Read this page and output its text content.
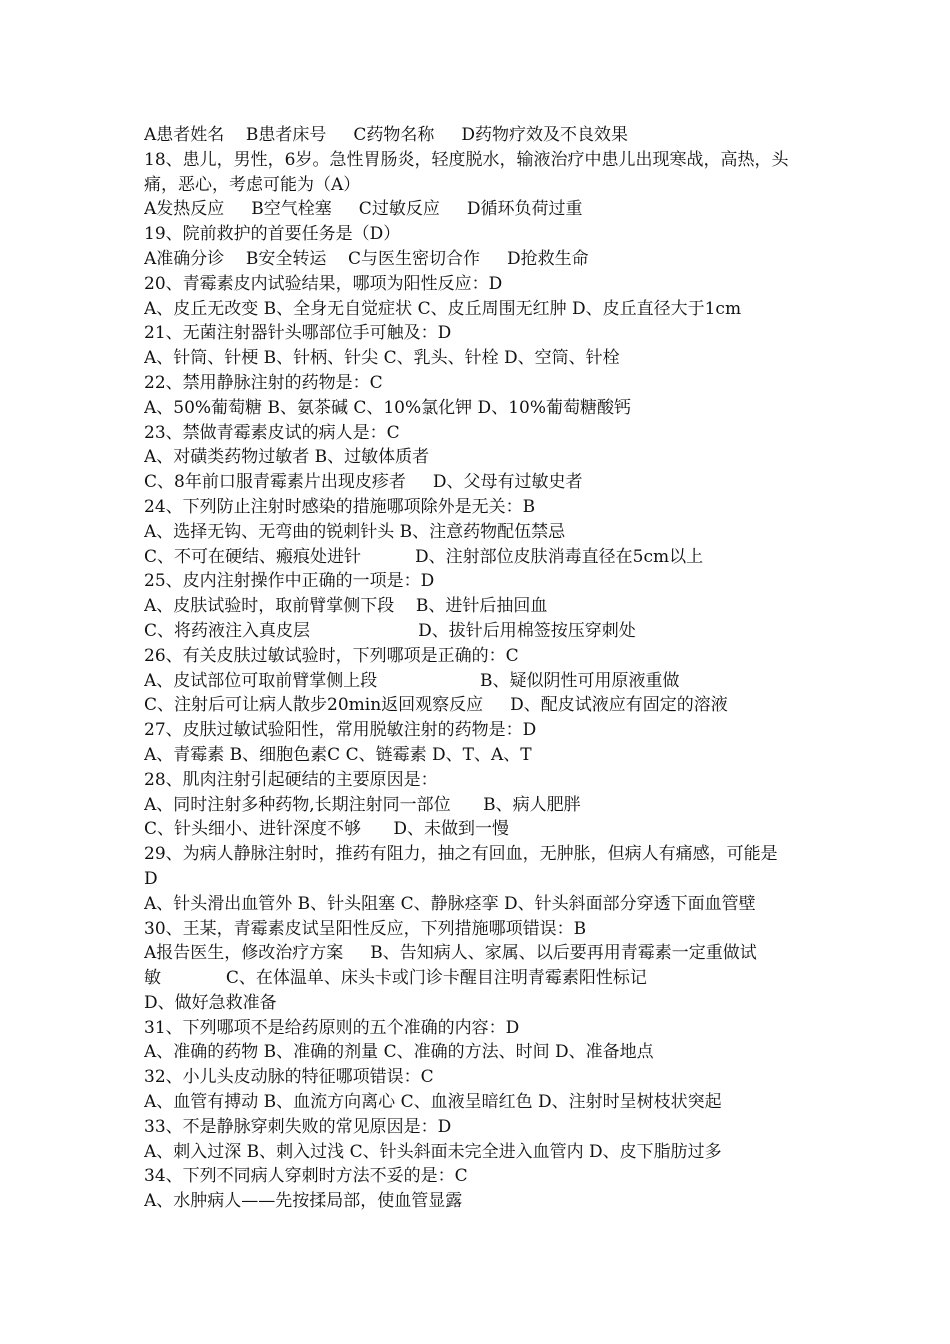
A患者姓名    B患者床号     C药物名称     D药物疗效及不良效果
18、患儿，男性，6岁。急性胃肠炎，轻度脱水，输液治疗中患儿出现寒战，高热，头
痛，恶心，考虑可能为（A）
A发热反应     B空气栓塞     C过敏反应     D循环负荷过重
19、院前救护的首要任务是（D）
A准确分诊    B安全转运    C与医生密切合作     D抢救生命
20、青霉素皮内试验结果，哪项为阳性反应：D
A、皮丘无改变 B、全身无自觉症状 C、皮丘周围无红肿 D、皮丘直径大于1cm
21、无菌注射器针头哪部位手可触及：D
A、针筒、针梗 B、针柄、针尖 C、乳头、针栓 D、空筒、针栓
22、禁用静脉注射的药物是：C
A、50%葡萄糖 B、氨茶碱 C、10%氯化钾 D、10%葡萄糖酸钙
23、禁做青霉素皮试的病人是：C
A、对磺类药物过敏者 B、过敏体质者
C、8年前口服青霉素片出现皮疹者     D、父母有过敏史者
24、下列防止注射时感染的措施哪项除外是无关：B
A、选择无钩、无弯曲的锐刺针头 B、注意药物配伍禁忌
C、不可在硬结、瘢痕处进针          D、注射部位皮肤消毒直径在5cm以上
25、皮内注射操作中正确的一项是：D
A、皮肤试验时，取前臂掌侧下段    B、进针后抽回血
C、将药液注入真皮层                    D、拔针后用棉签按压穿刺处
26、有关皮肤过敏试验时，下列哪项是正确的：C
A、皮试部位可取前臂掌侧上段                   B、疑似阴性可用原液重做
C、注射后可让病人散步20min返回观察反应     D、配皮试液应有固定的溶液
27、皮肤过敏试验阳性，常用脱敏注射的药物是：D
A、青霉素 B、细胞色素C C、链霉素 D、T、A、T
28、肌肉注射引起硬结的主要原因是：
A、同时注射多种药物,长期注射同一部位      B、病人肥胖
C、针头细小、进针深度不够      D、未做到一慢
29、为病人静脉注射时，推药有阻力，抽之有回血，无肿胀，但病人有痛感，可能是
D
A、针头滑出血管外 B、针头阻塞 C、静脉痉挛 D、针头斜面部分穿透下面血管壁
30、王某，青霉素皮试呈阳性反应，下列措施哪项错误：B
A报告医生，修改治疗方案     B、告知病人、家属、以后要再用青霉素一定重做试
敏            C、在体温单、床头卡或门诊卡醒目注明青霉素阳性标记
D、做好急救准备
31、下列哪项不是给药原则的五个准确的内容：D
A、准确的药物 B、准确的剂量 C、准确的方法、时间 D、准备地点
32、小儿头皮动脉的特征哪项错误：C
A、血管有搏动 B、血流方向离心 C、血液呈暗红色 D、注射时呈树枝状突起
33、不是静脉穿刺失败的常见原因是：D
A、刺入过深 B、刺入过浅 C、针头斜面未完全进入血管内 D、皮下脂肪过多
34、下列不同病人穿刺时方法不妥的是：C
A、水肿病人——先按揉局部，使血管显露
